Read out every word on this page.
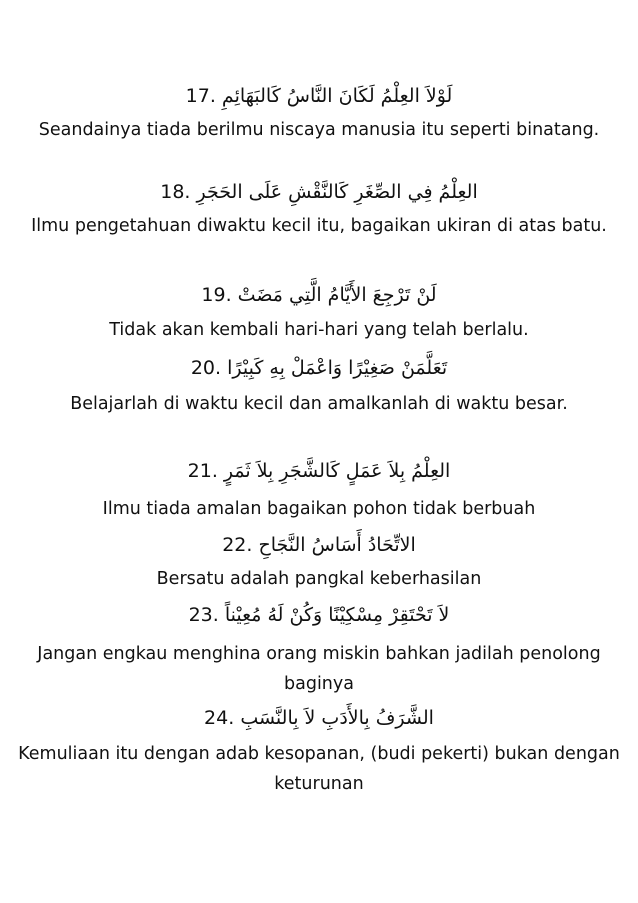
17. لَوْلاَ العِلْمُ لَكَانَ النَّاسُ كَالبَهَائِمِ
Seandainya tiada berilmu niscaya manusia itu seperti binatang.
18. العِلْمُ فِي الصِّغَرِ كَالنَّقْشِ عَلَى الحَجَرِ
Ilmu pengetahuan diwaktu kecil itu, bagaikan ukiran di atas batu.
19. لَنْ تَرْجِعَ الأَيَّامُ الَّتِي مَضَتْ
Tidak akan kembali hari-hari yang telah berlalu.
20. تَعَلَّمَنْ صَغِيْرًا وَاعْمَلْ بِهِ كَبِيْرًا
Belajarlah di waktu kecil dan amalkanlah di waktu besar.
21. العِلْمُ بِلاَ عَمَلٍ كَالشَّجَرِ بِلاَ ثَمَرٍ
Ilmu tiada amalan bagaikan pohon tidak berbuah
22. الاتِّحَادُ أَسَاسُ النَّجَاحِ
Bersatu adalah pangkal keberhasilan
23. لاَ تَحْتَقِرْ مِسْكِيْنًا وَكُنْ لَهُ مُعِيْناً
Jangan engkau menghina orang miskin bahkan jadilah penolong baginya
24. الشَّرَفُ بِالأَدَبِ لاَ بِالنَّسَبِ
Kemuliaan itu dengan adab kesopanan, (budi pekerti) bukan dengan keturunan
